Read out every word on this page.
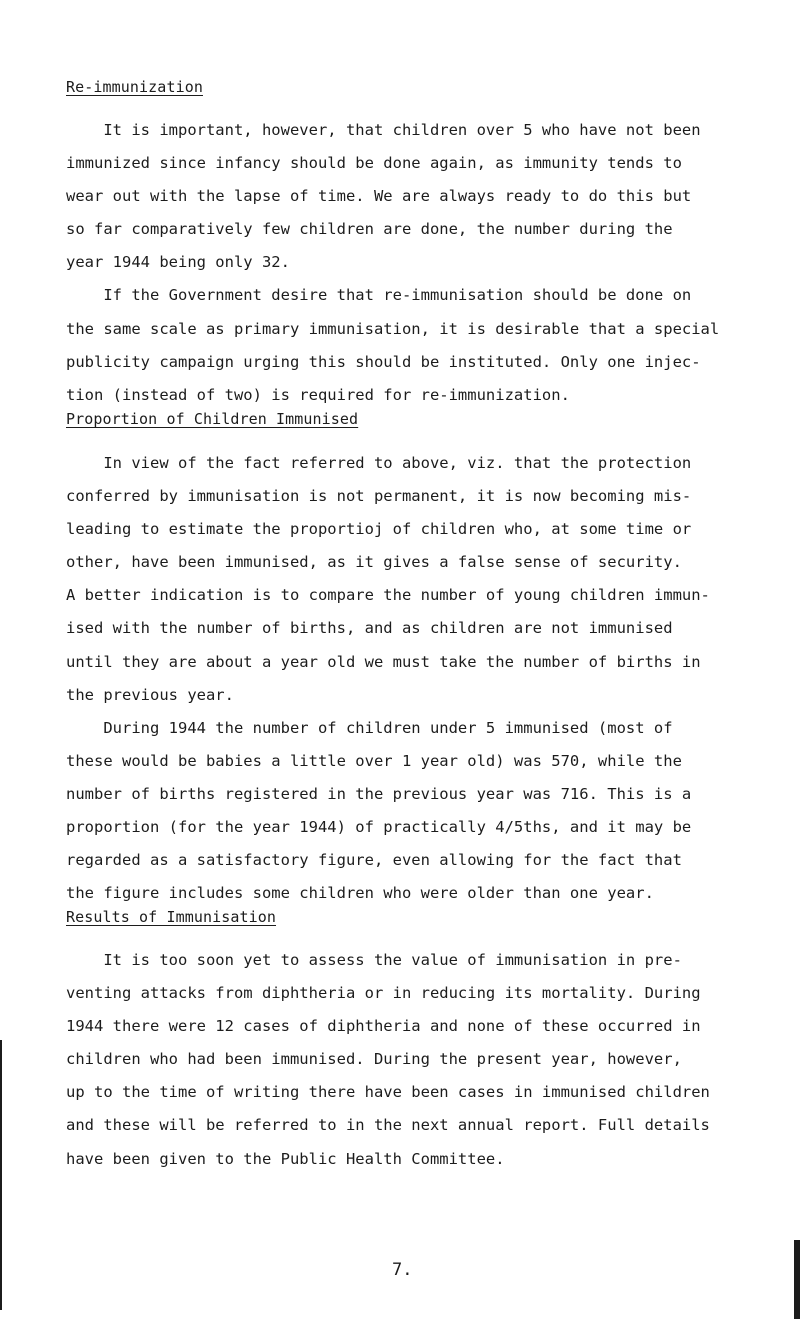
Re-immunization
It is important, however, that children over 5 who have not been
immunized since infancy should be done again, as immunity tends to
wear out with the lapse of time. We are always ready to do this but
so far comparatively few children are done, the number during the
year 1944 being only 32.
If the Government desire that re-immunisation should be done on
the same scale as primary immunisation, it is desirable that a special
publicity campaign urging this should be instituted. Only one injec-
tion (instead of two) is required for re-immunization.
Proportion of Children Immunised
In view of the fact referred to above, viz. that the protection
conferred by immunisation is not permanent, it is now becoming mis-
leading to estimate the proportioj of children who, at some time or
other, have been immunised, as it gives a false sense of security.
A better indication is to compare the number of young children immun-
ised with the number of births, and as children are not immunised
until they are about a year old we must take the number of births in
the previous year.
During 1944 the number of children under 5 immunised (most of
these would be babies a little over 1 year old) was 570, while the
number of births registered in the previous year was 716. This is a
proportion (for the year 1944) of practically 4/5ths, and it may be
regarded as a satisfactory figure, even allowing for the fact that
the figure includes some children who were older than one year.
Results of Immunisation
It is too soon yet to assess the value of immunisation in pre-
venting attacks from diphtheria or in reducing its mortality. During
1944 there were 12 cases of diphtheria and none of these occurred in
children who had been immunised. During the present year, however,
up to the time of writing there have been cases in immunised children
and these will be referred to in the next annual report. Full details
have been given to the Public Health Committee.
7.
